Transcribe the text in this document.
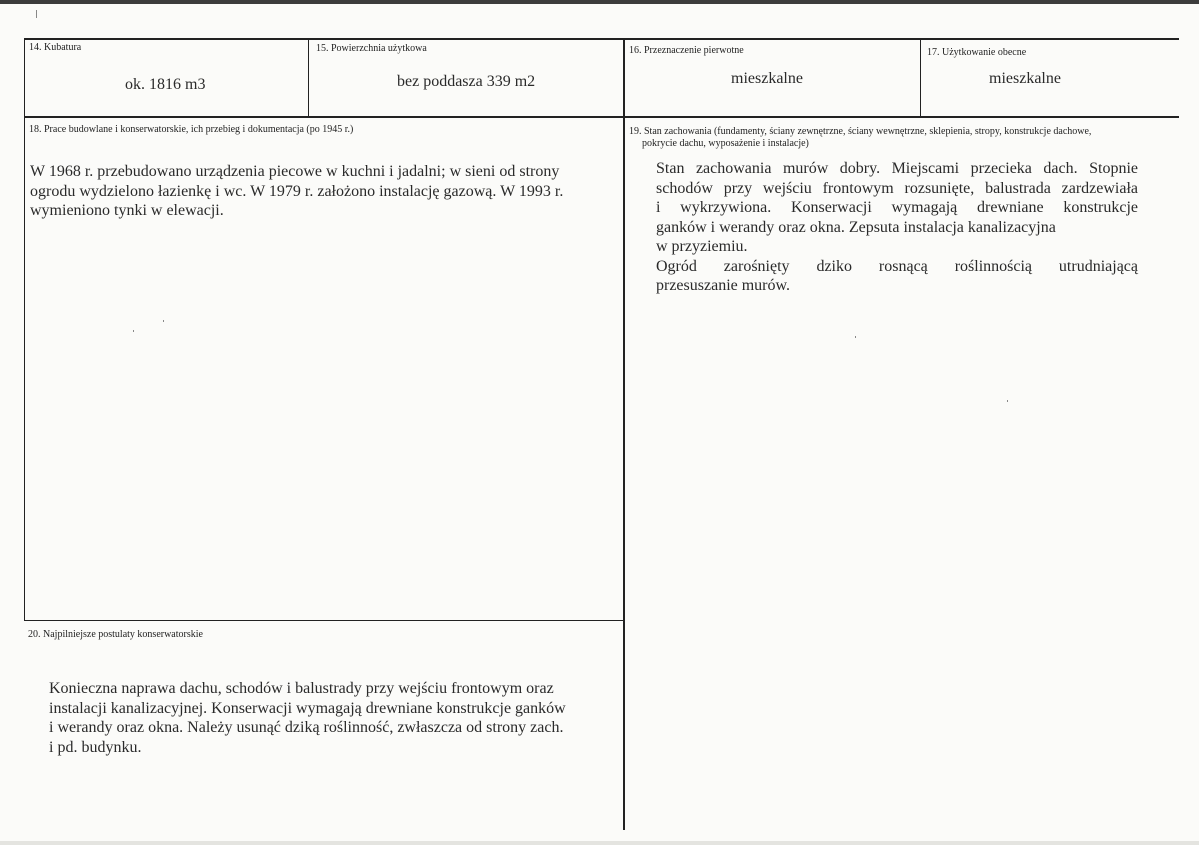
14. Kubatura
ok. 1816 m3
15. Powierzchnia użytkowa
bez poddasza 339 m2
16. Przeznaczenie pierwotne
mieszkalne
17. Użytkowanie obecne
mieszkalne
18. Prace budowlane i konserwatorskie, ich przebieg i dokumentacja (po 1945 r.)

W 1968 r. przebudowano urządzenia piecowe w kuchni i jadalni; w sieni od strony

ogrodu wydzielono łazienkę i wc. W 1979 r. założono instalację gazową. W 1993 r.

wymieniono tynki w elewacji.

19. Stan zachowania (fundamenty, ściany zewnętrzne, ściany wewnętrzne, sklepienia, stropy, konstrukcje dachowe,
pokrycie dachu, wyposażenie i instalacje)

Stan zachowania murów dobry. Miejscami przecieka dach. Stopnie

schodów przy wejściu frontowym rozsunięte, balustrada zardzewiała

i wykrzywiona. Konserwacji wymagają drewniane konstrukcje

ganków i werandy oraz okna. Zepsuta instalacja kanalizacyjna

w przyziemiu.

Ogród zarośnięty dziko rosnącą roślinnością utrudniającą

przesuszanie murów.

20. Najpilniejsze postulaty konserwatorskie

Konieczna naprawa dachu, schodów i balustrady przy wejściu frontowym oraz

instalacji kanalizacyjnej. Konserwacji wymagają drewniane konstrukcje ganków

i werandy oraz okna. Należy usunąć dziką roślinność, zwłaszcza od strony zach.

i pd. budynku.
